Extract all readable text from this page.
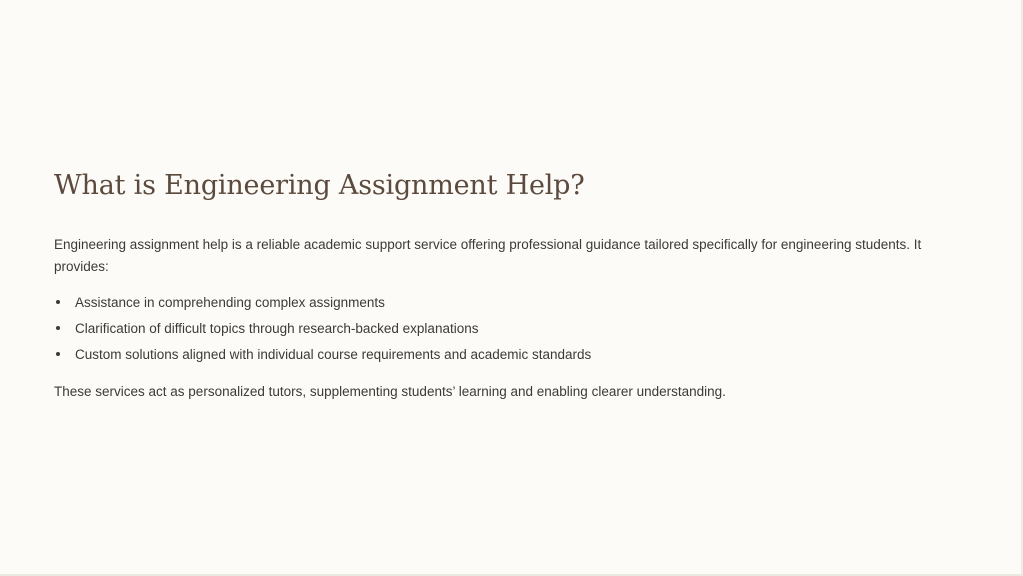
What is Engineering Assignment Help?

Engineering assignment help is a reliable academic support service offering professional guidance tailored specifically for engineering students. It provides:

Assistance in comprehending complex assignments
Clarification of difficult topics through research-backed explanations
Custom solutions aligned with individual course requirements and academic standards

These services act as personalized tutors, supplementing students’ learning and enabling clearer understanding.
